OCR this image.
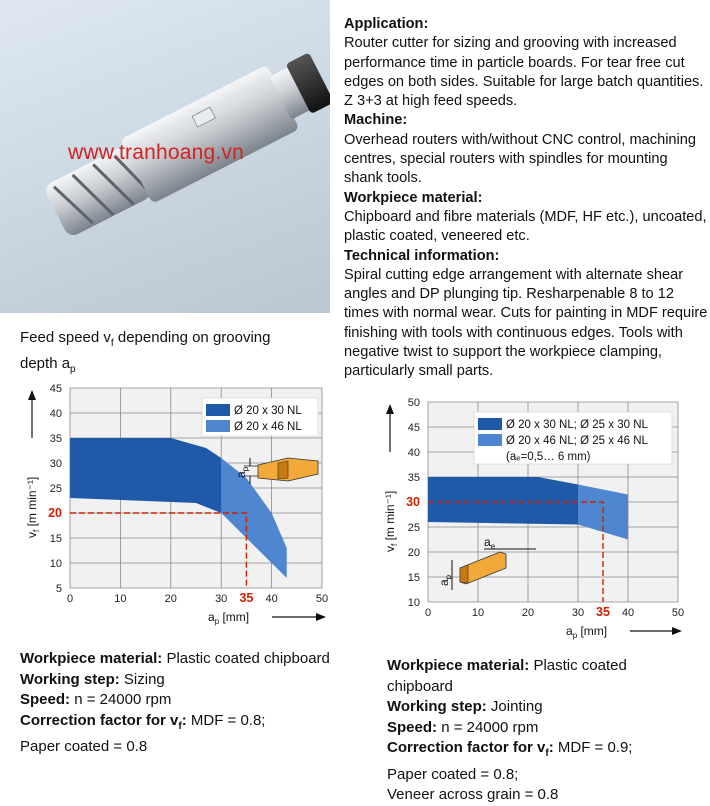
www.tranhoang.vn

Application:

Router cutter for sizing and grooving with increased performance time in particle boards. For tear free cut edges on both sides. Suitable for large batch quantities. Z 3+3 at high feed speeds.

Machine:

Overhead routers with/without CNC control, machining centres, special routers with spindles for mounting shank tools.

Workpiece material:

Chipboard and fibre materials (MDF, HF etc.), uncoated, plastic coated, veneered etc.

Technical information:

Spiral cutting edge arrangement with alternate shear angles and DP plunging tip. Resharpenable 8 to 12 times with normal wear. Cuts for painting in MDF require finishing with tools with continuous edges. Tools with negative twist to support the workpiece clamping, particularly small parts.

Feed speed $v_f$ depending on grooving
depth $a_p$
0	10	20	30	40	50
5
10
15
25
30
35
40
45
35
20
$a_p$ [mm]
$v_f$ [m min⁻¹]
Ø 20 x 30 NL
Ø 20 x 46 NL
$a_p$
0	10	20	30	40	50
10
15
20
25
35
40
45
50
35
30
$a_p$ [mm]
$v_f$ [m min⁻¹]
Ø 20 x 30 NL; Ø 25 x 30 NL
Ø 20 x 46 NL; Ø 25 x 46 NL
(aₑ=0,5… 6 mm)
$a_e$
$a_p$
Workpiece material: Plastic coated chipboard
Working step: Sizing
Speed: n = 24000 rpm
Correction factor for $v_f$: MDF = 0.8;
Paper coated = 0.8
Workpiece material: Plastic coated
chipboard
Working step: Jointing
Speed: n = 24000 rpm
Correction factor for $v_f$: MDF = 0.9;
Paper coated = 0.8;
Veneer across grain = 0.8
